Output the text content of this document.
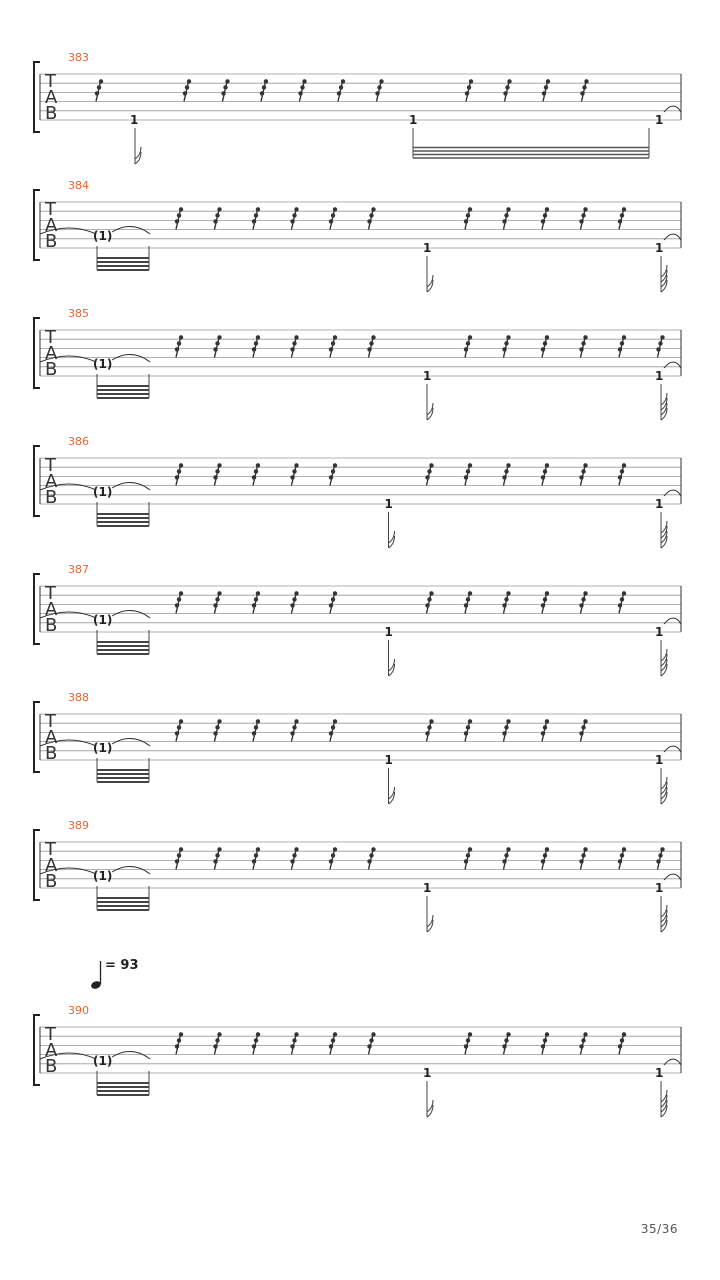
383
T
A
B	1	1	1
384
T
A
B	(1)
1	1
385
T
A
B	(1)
1	1
386
T
A
B	(1)
1	1
387
T
A
B	(1)
1	1
388
T
A
B	(1)
1	1
389
T
A
B	(1)
1	1
390
T
A
B	(1)
1	1
= 93
35/36
